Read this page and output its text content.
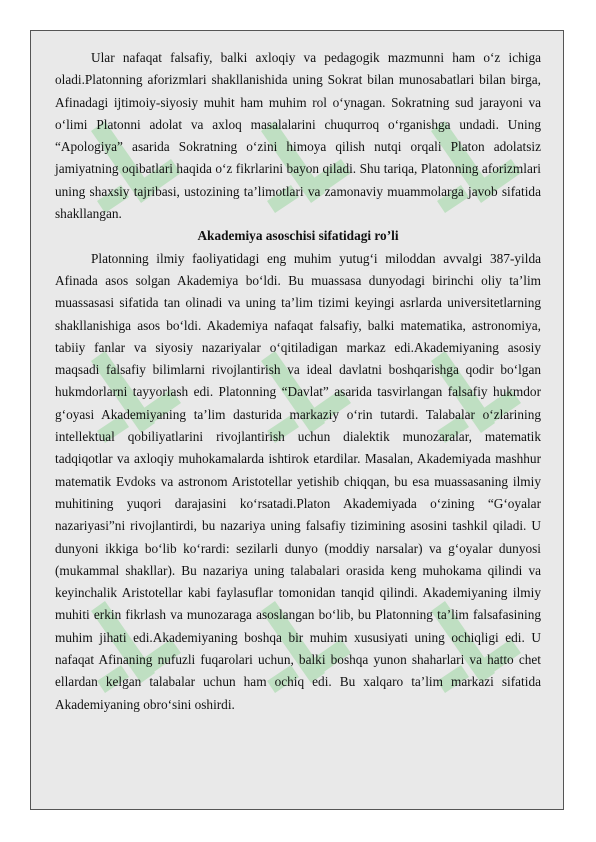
Ular nafaqat falsafiy, balki axloqiy va pedagogik mazmunni ham o‘z ichiga oladi.Platonning aforizmlari shakllanishida uning Sokrat bilan munosabatlari bilan birga, Afinadagi ijtimoiy-siyosiy muhit ham muhim rol o‘ynagan. Sokratning sud jarayoni va o‘limi Platonni adolat va axloq masalalarini chuqurroq o‘rganishga undadi. Uning “Apologiya” asarida Sokratning o‘zini himoya qilish nutqi orqali Platon adolatsiz jamiyatning oqibatlari haqida o‘z fikrlarini bayon qiladi. Shu tariqa, Platonning aforizmlari uning shaxsiy tajribasi, ustozining ta’limotlari va zamonaviy muammolarga javob sifatida shakllangan.

Akademiya asoschisi sifatidagi ro’li

Platonning ilmiy faoliyatidagi eng muhim yutug‘i miloddan avvalgi 387-yilda Afinada asos solgan Akademiya bo‘ldi. Bu muassasa dunyodagi birinchi oliy ta’lim muassasasi sifatida tan olinadi va uning ta’lim tizimi keyingi asrlarda universitetlarning shakllanishiga asos bo‘ldi. Akademiya nafaqat falsafiy, balki matematika, astronomiya, tabiiy fanlar va siyosiy nazariyalar o‘qitiladigan markaz edi.Akademiyaning asosiy maqsadi falsafiy bilimlarni rivojlantirish va ideal davlatni boshqarishga qodir bo‘lgan hukmdorlarni tayyorlash edi. Platonning “Davlat” asarida tasvirlangan falsafiy hukmdor g‘oyasi Akademiyaning ta’lim dasturida markaziy o‘rin tutardi. Talabalar o‘zlarining intellektual qobiliyatlarini rivojlantirish uchun dialektik munozaralar, matematik tadqiqotlar va axloqiy muhokamalarda ishtirok etardilar. Masalan, Akademiyada mashhur matematik Evdoks va astronom Aristotellar yetishib chiqqan, bu esa muassasaning ilmiy muhitining yuqori darajasini ko‘rsatadi.Platon Akademiyada o‘zining “G‘oyalar nazariyasi”ni rivojlantirdi, bu nazariya uning falsafiy tizimining asosini tashkil qiladi. U dunyoni ikkiga bo‘lib ko‘rardi: sezilarli dunyo (moddiy narsalar) va g‘oyalar dunyosi (mukammal shakllar). Bu nazariya uning talabalari orasida keng muhokama qilindi va keyinchalik Aristotellar kabi faylasuflar tomonidan tanqid qilindi. Akademiyaning ilmiy muhiti erkin fikrlash va munozaraga asoslangan bo‘lib, bu Platonning ta’lim falsafasining muhim jihati edi.Akademiyaning boshqa bir muhim xususiyati uning ochiqligi edi. U nafaqat Afinaning nufuzli fuqarolari uchun, balki boshqa yunon shaharlari va hatto chet ellardan kelgan talabalar uchun ham ochiq edi. Bu xalqaro ta’lim markazi sifatida Akademiyaning obro‘sini oshirdi.
